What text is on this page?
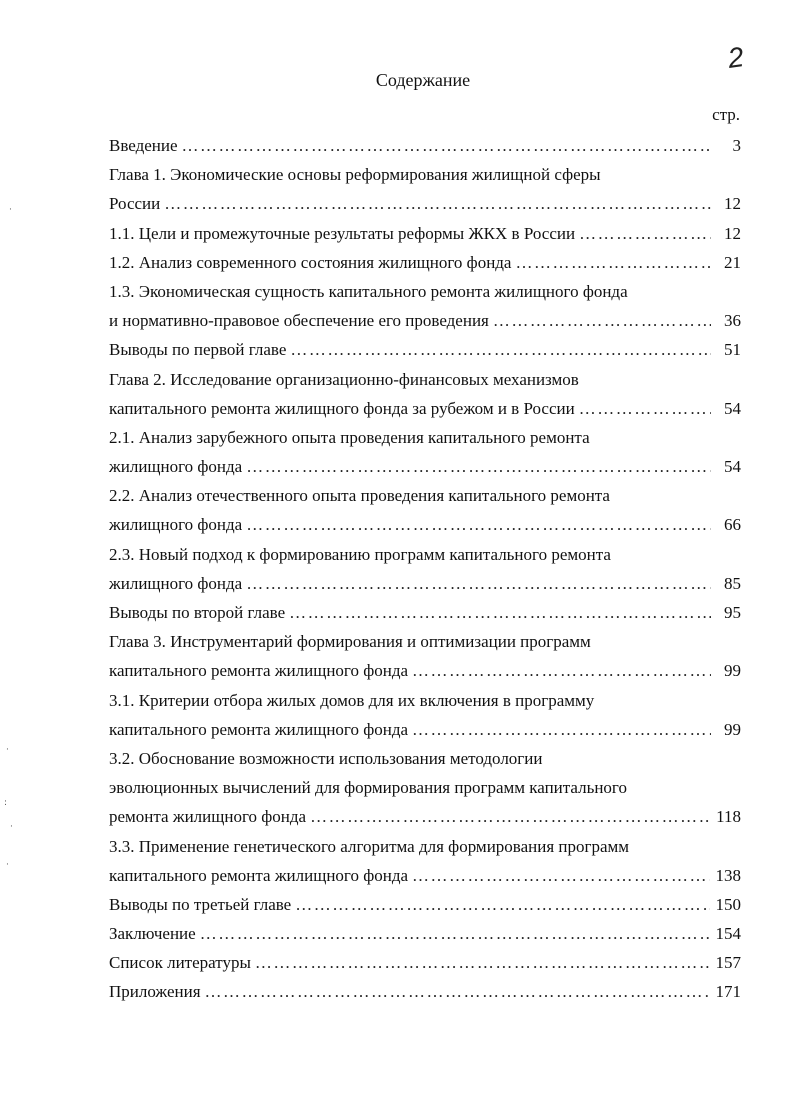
2
Содержание
стр.
Введение ……………………………………………………………………………………………………………………………………	3
Глава 1. Экономические основы реформирования жилищной сферы
России ……………………………………………………………………………………………………………………………………	12
1.1. Цели и промежуточные результаты реформы ЖКХ в России ……………………………………………………………………………………………………………………………………	12
1.2. Анализ современного состояния жилищного фонда ……………………………………………………………………………………………………………………………………	21
1.3. Экономическая сущность капитального ремонта жилищного фонда
и нормативно-правовое обеспечение его проведения ……………………………………………………………………………………………………………………………………	36
Выводы по первой главе ……………………………………………………………………………………………………………………………………	51
Глава 2. Исследование организационно-финансовых механизмов
капитального ремонта жилищного фонда за рубежом и в России ……………………………………………………………………………………………………………………………………	54
2.1. Анализ зарубежного опыта проведения капитального ремонта
жилищного фонда ……………………………………………………………………………………………………………………………………	54
2.2. Анализ отечественного опыта проведения капитального ремонта
жилищного фонда ……………………………………………………………………………………………………………………………………	66
2.3. Новый подход к формированию программ капитального ремонта
жилищного фонда ……………………………………………………………………………………………………………………………………	85
Выводы по второй главе ……………………………………………………………………………………………………………………………………	95
Глава 3. Инструментарий формирования и оптимизации программ
капитального ремонта жилищного фонда ……………………………………………………………………………………………………………………………………	99
3.1. Критерии отбора жилых домов для их включения в программу
капитального ремонта жилищного фонда ……………………………………………………………………………………………………………………………………	99
3.2. Обоснование возможности использования методологии
эволюционных вычислений для формирования программ капитального
ремонта жилищного фонда ……………………………………………………………………………………………………………………………………	118
3.3. Применение генетического алгоритма для формирования программ
капитального ремонта жилищного фонда ……………………………………………………………………………………………………………………………………	138
Выводы по третьей главе ……………………………………………………………………………………………………………………………………	150
Заключение ……………………………………………………………………………………………………………………………………	154
Список литературы ……………………………………………………………………………………………………………………………………	157
Приложения ……………………………………………………………………………………………………………………………………	171
·
·
:
·
·
